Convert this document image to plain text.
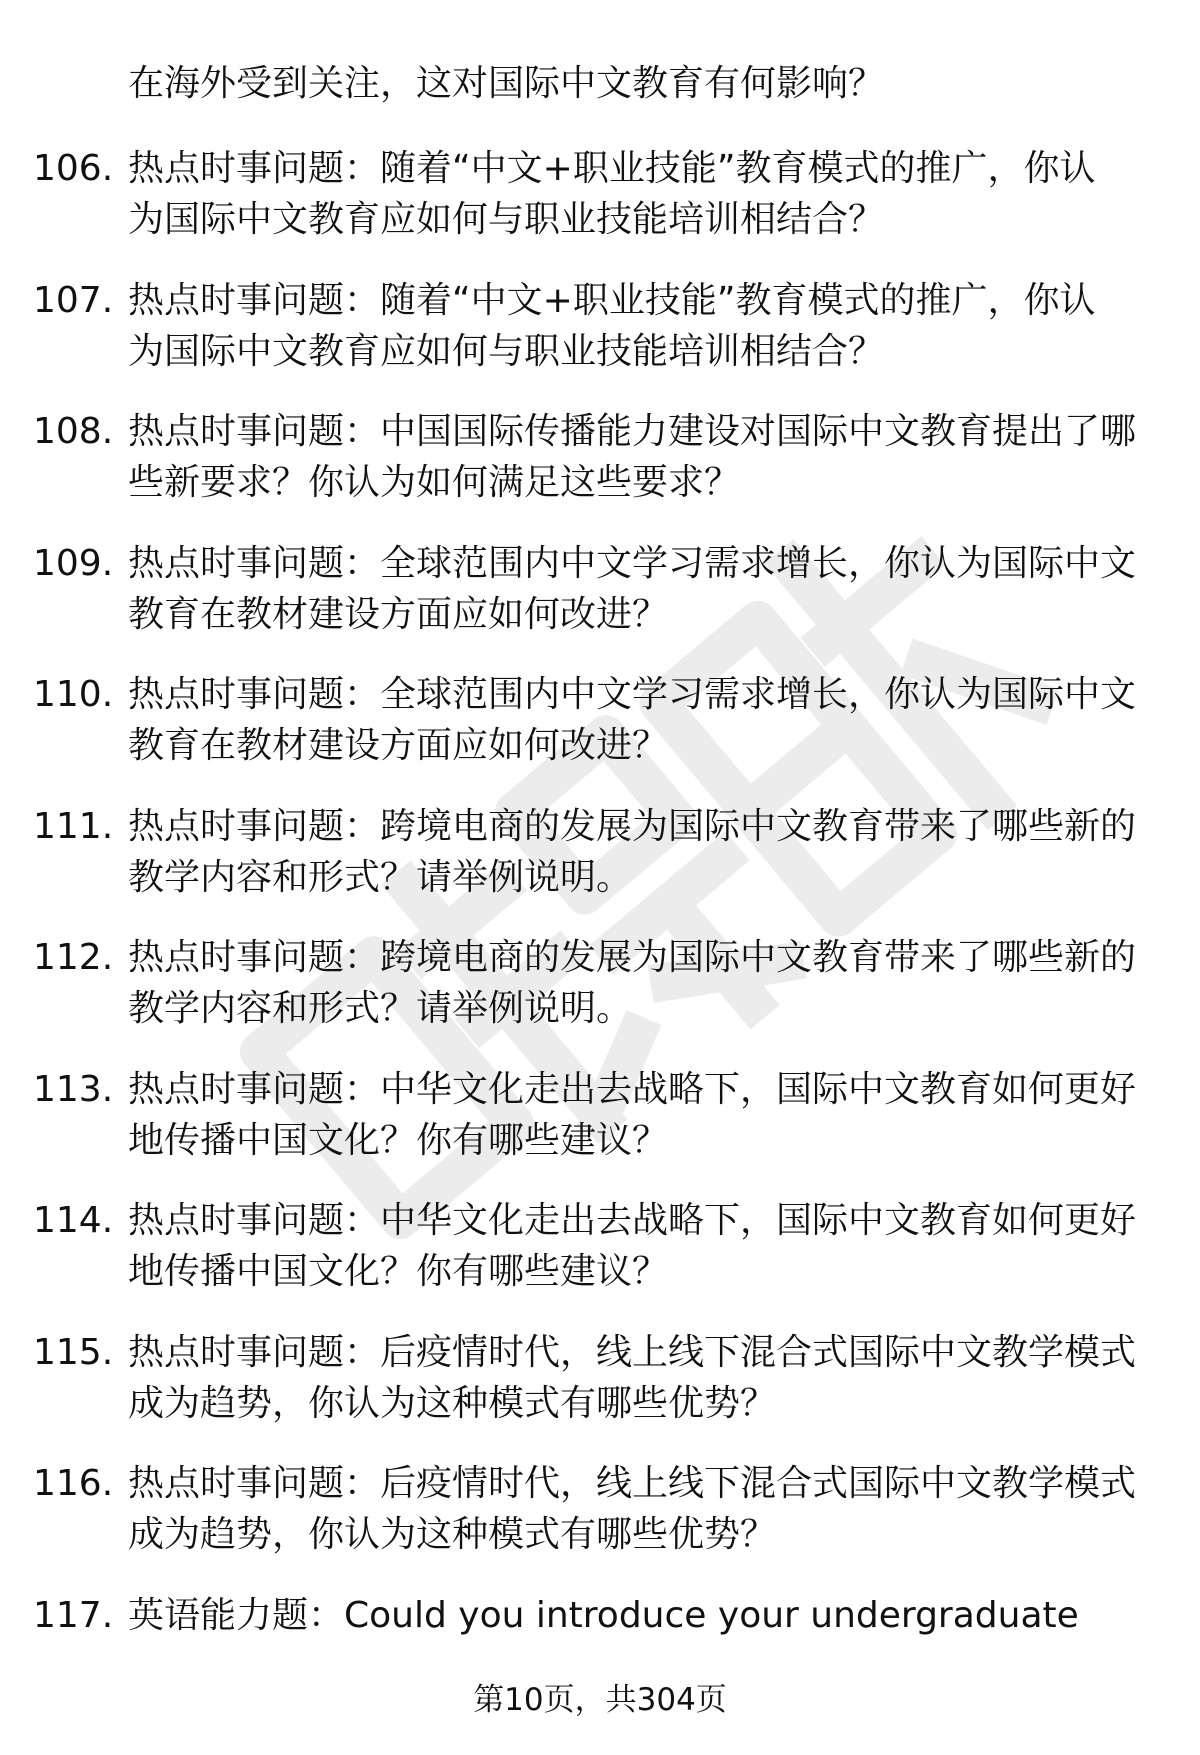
在海外受到关注，这对国际中文教育有何影响？
106. 热点时事问题：随着“中文+职业技能”教育模式的推广，你认
为国际中文教育应如何与职业技能培训相结合？
107. 热点时事问题：随着“中文+职业技能”教育模式的推广，你认
为国际中文教育应如何与职业技能培训相结合？
108. 热点时事问题：中国国际传播能力建设对国际中文教育提出了哪
些新要求？你认为如何满足这些要求？
109. 热点时事问题：全球范围内中文学习需求增长，你认为国际中文
教育在教材建设方面应如何改进？
110. 热点时事问题：全球范围内中文学习需求增长，你认为国际中文
教育在教材建设方面应如何改进？
111. 热点时事问题：跨境电商的发展为国际中文教育带来了哪些新的
教学内容和形式？请举例说明。
112. 热点时事问题：跨境电商的发展为国际中文教育带来了哪些新的
教学内容和形式？请举例说明。
113. 热点时事问题：中华文化走出去战略下，国际中文教育如何更好
地传播中国文化？你有哪些建议？
114. 热点时事问题：中华文化走出去战略下，国际中文教育如何更好
地传播中国文化？你有哪些建议？
115. 热点时事问题：后疫情时代，线上线下混合式国际中文教学模式
成为趋势，你认为这种模式有哪些优势？
116. 热点时事问题：后疫情时代，线上线下混合式国际中文教学模式
成为趋势，你认为这种模式有哪些优势？
117. 英语能力题：Could you introduce your undergraduate
第10页，共304页
